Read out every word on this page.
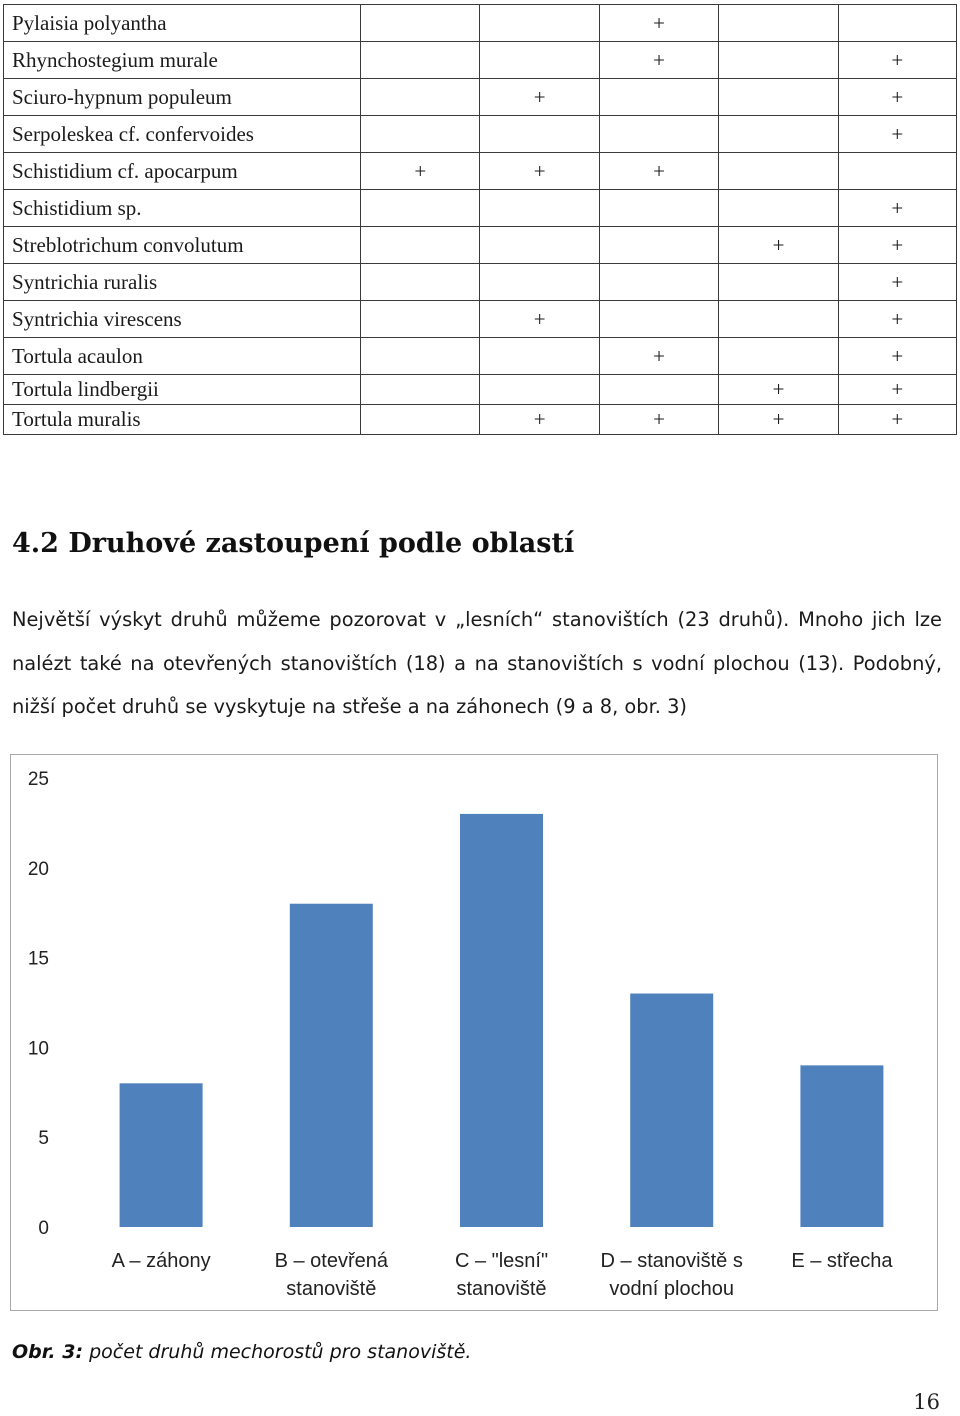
Pylaisia polyantha			+		
Rhynchostegium murale			+		+
Sciuro-hypnum populeum		+			+
Serpoleskea cf. confervoides					+
Schistidium cf. apocarpum	+	+	+		
Schistidium sp.					+
Streblotrichum convolutum				+	+
Syntrichia ruralis					+
Syntrichia virescens		+			+
Tortula acaulon			+		+
Tortula lindbergii				+	+
Tortula muralis		+	+	+	+
4.2 Druhové zastoupení podle oblastí

Největší výskyt druhů můžeme pozorovat v „lesních“ stanovištích (23 druhů). Mnoho jich lze nalézt také na otevřených stanovištích (18) a na stanovištích s vodní plochou (13). Podobný, nižší počet druhů se vyskytuje na střeše a na záhonech (9 a 8, obr. 3)

0
5
10
15
20
25
A – záhony	B – otevřená
stanoviště
C – "lesní"
stanoviště
D – stanoviště s
vodní plochou
E – střecha

Obr. 3: počet druhů mechorostů pro stanoviště.

16
